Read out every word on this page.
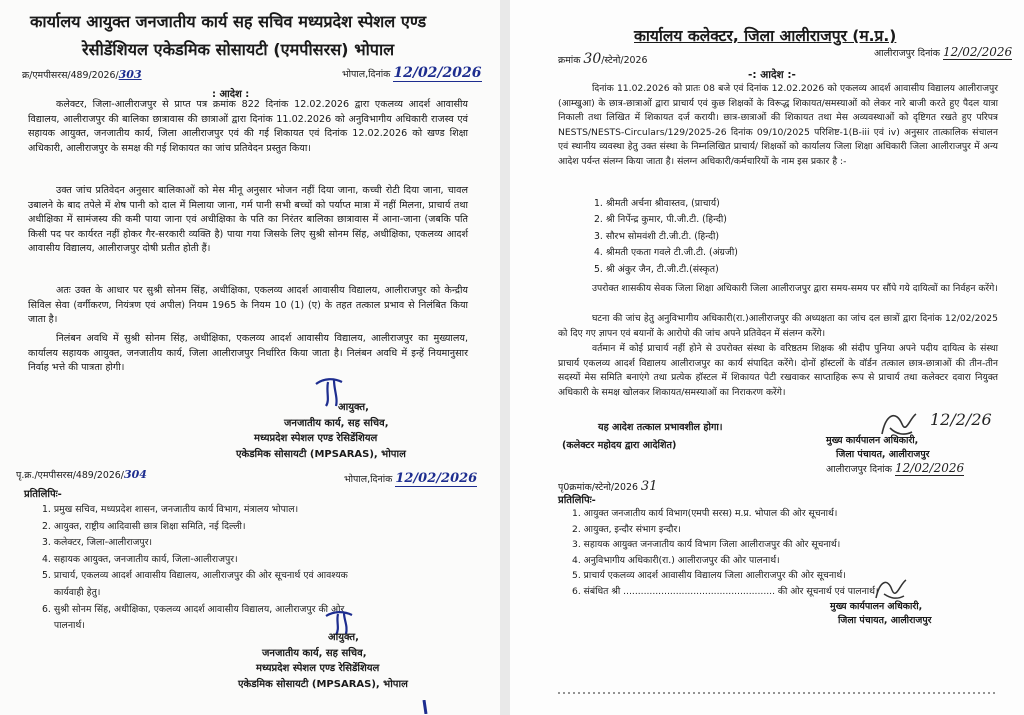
कार्यालय आयुक्त जनजातीय कार्य सह सचिव मध्यप्रदेश स्पेशल एण्ड
रेसीडेंशियल एकेडमिक सोसायटी (एमपीसरस) भोपाल
क्र/एमपीसरस/489/2026/303	भोपाल,दिनांक 12/02/2026
: आदेश :
कलेक्टर, जिला-आलीराजपुर से प्राप्त पत्र क्रमांक 822 दिनांक 12.02.2026 द्वारा एकलव्य आदर्श आवासीय विद्यालय, आलीराजपुर की बालिका छात्रावास की छात्राओं द्वारा दिनांक 11.02.2026 को अनुविभागीय अधिकारी राजस्व एवं सहायक आयुक्त, जनजातीय कार्य, जिला आलीराजपुर एवं की गई शिकायत एवं दिनांक 12.02.2026 को खण्ड शिक्षा अधिकारी, आलीराजपुर के समक्ष की गई शिकायत का जांच प्रतिवेदन प्रस्तुत किया।
उक्त जांच प्रतिवेदन अनुसार बालिकाओं को मेस मीनू अनुसार भोजन नहीं दिया जाना, कच्ची रोटी दिया जाना, चावल उबालने के बाद तपेले में शेष पानी को दाल में मिलाया जाना, गर्म पानी सभी बच्चों को पर्याप्त मात्रा में नहीं मिलना, प्राचार्य तथा अधीक्षिका में सामंजस्य की कमी पाया जाना एवं अधीक्षिका के पति का निरंतर बालिका छात्रावास में आना-जाना (जबकि पति किसी पद पर कार्यरत नहीं होकर गैर-सरकारी व्यक्ति है) पाया गया जिसके लिए सुश्री सोनम सिंह, अधीक्षिका, एकलव्य आदर्श आवासीय विद्यालय, आलीराजपुर दोषी प्रतीत होती हैं।
अतः उक्त के आधार पर सुश्री सोनम सिंह, अधीक्षिका, एकलव्य आदर्श आवासीय विद्यालय, आलीराजपुर को केन्द्रीय सिविल सेवा (वर्गीकरण, नियंत्रण एवं अपील) नियम 1965 के नियम 10 (1) (ए) के तहत तत्काल प्रभाव से निलंबित किया जाता है।
निलंबन अवधि में सुश्री सोनम सिंह, अधीक्षिका, एकलव्य आदर्श आवासीय विद्यालय, आलीराजपुर का मुख्यालय, कार्यालय सहायक आयुक्त, जनजातीय कार्य, जिला आलीराजपुर निर्धारित किया जाता है। निलंबन अवधि में इन्हें नियमानुसार निर्वाह भत्ते की पात्रता होगी।
आयुक्त,
जनजातीय कार्य, सह सचिव,
मध्यप्रदेश स्पेशल एण्ड रेसिडेंशियल
एकेडमिक सोसायटी (MPSARAS), भोपाल
पृ.क्र./एमपीसरस/489/2026/304	भोपाल,दिनांक 12/02/2026
प्रतिलिपिः-
1. प्रमुख सचिव, मध्यप्रदेश शासन, जनजातीय कार्य विभाग, मंत्रालय भोपाल।
2. आयुक्त, राष्ट्रीय आदिवासी छात्र शिक्षा समिति, नई दिल्ली।
3. कलेक्टर, जिला-आलीराजपुर।
4. सहायक आयुक्त, जनजातीय कार्य, जिला-आलीराजपुर।
5. प्राचार्य, एकलव्य आदर्श आवासीय विद्यालय, आलीराजपुर की ओर सूचनार्थ एवं आवश्यक
कार्यवाही हेतु।
6. सुश्री सोनम सिंह, अधीक्षिका, एकलव्य आदर्श आवासीय विद्यालय, आलीराजपुर की ओर
पालनार्थ।
आयुक्त,
जनजातीय कार्य, सह सचिव,
मध्यप्रदेश स्पेशल एण्ड रेसिडेंशियल
एकेडमिक सोसायटी (MPSARAS), भोपाल
कार्यालय कलेक्टर, जिला आलीराजपुर (म.प्र.)
क्रमांक 30/स्टेनो/2026
आलीराजपुर दिनांक 12/02/2026
-: आदेश :-
दिनांक 11.02.2026 को प्रातः 08 बजे एवं दिनांक 12.02.2026 को एकलव्य आदर्श आवासीय विद्यालय आलीराजपुर (आम्खुआ) के छात्र-छात्राओं द्वारा प्राचार्य एवं कुछ शिक्षकों के विरूद्ध शिकायत/समस्याओं को लेकर नारे बाजी करते हुए पैदल यात्रा निकाली तथा लिखित में शिकायत दर्ज करायी। छात्र-छात्राओं की शिकायत तथा मेस अव्यवस्थाओं को दृष्टिगत रखते हुए परिपत्र NESTS/NESTS-Circulars/129/2025-26 दिनांक 09/10/2025 परिशिष्ट-1(B-iii एवं iv) अनुसार तात्कालिक संचालन एवं स्थानीय व्यवस्था हेतु उक्त संस्था के निम्नलिखित प्राचार्य/ शिक्षकों को कार्यालय जिला शिक्षा अधिकारी जिला आलीराजपुर में अन्य आदेश पर्यन्त संलग्न किया जाता है। संलग्न अधिकारी/कर्मचारियों के नाम इस प्रकार है :-
1. श्रीमती अर्चना श्रीवास्तव, (प्राचार्य)
2. श्री निर्पेन्द्र कुमार, पी.जी.टी. (हिन्दी)
3. सौरभ सोमवंशी टी.जी.टी. (हिन्दी)
4. श्रीमती एकता गवले टी.जी.टी. (अंग्रजी)
5. श्री अंकुर जैन, टी.जी.टी.(संस्कृत)
उपरोक्त शासकीय सेवक जिला शिक्षा अधिकारी जिला आलीराजपुर द्वारा समय-समय पर सौंपे गये दायित्वों का निर्वहन करेंगे।
घटना की जांच हेतु अनुविभागीय अधिकारी(रा.)आलीराजपुर की अध्यक्षता का जांच दल छात्रों द्वारा दिनांक 12/02/2025 को दिए गए ज्ञापन एवं बयानों के आरोपो की जांच अपने प्रतिवेदन में संलग्न करेंगे।
वर्तमान में कोई प्राचार्य नहीं होने से उपरोक्त संस्था के वरिष्ठतम शिक्षक श्री संदीप पुनिया अपने पदीय दायित्व के संस्था प्राचार्य एकलव्य आदर्श विद्यालय आलीराजपुर का कार्य संपादित करेंगे। दोनों हॉस्टलों के वॉर्डन तत्काल छात्र-छात्राओं की तीन-तीन सदस्यों मेस समिति बनाएंगे तथा प्रत्येक हॉस्टल में शिकायत पेटी रखवाकर साप्ताहिक रूप से प्राचार्य तथा कलेक्टर दवारा नियुक्त अधिकारी के समक्ष खोलकर शिकायत/समस्याओं का निराकरण करेंगे।
यह आदेश तत्काल प्रभावशील होगा।
(कलेक्टर महोदय द्वारा आदेशित)
12/2/26
मुख्य कार्यपालन अधिकारी,
जिला पंचायत, आलीराजपुर
आलीराजपुर दिनांक 12/02/2026
पृ0क्रमांक/स्टेनो/2026 31
प्रतिलिपिः-
1. आयुक्त जनजातीय कार्य विभाग(एमपी सरस) म.प्र. भोपाल की ओर सूचनार्थ।
2. आयुक्त, इन्दौर संभाग इन्दौर।
3. सहायक आयुक्त जनजातीय कार्य विभाग जिला आलीराजपुर की ओर सूचनार्थ।
4. अनुविभागीय अधिकारी(रा.) आलीराजपुर की ओर पालनार्थ।
5. प्राचार्य एकलव्य आदर्श आवासीय विद्यालय जिला आलीराजपुर की ओर सूचनार्थ।
6. संबंधित श्री .................................................... की ओर सूचनार्थ एवं पालनार्थ।
मुख्य कार्यपालन अधिकारी,
जिला पंचायत, आलीराजपुर
